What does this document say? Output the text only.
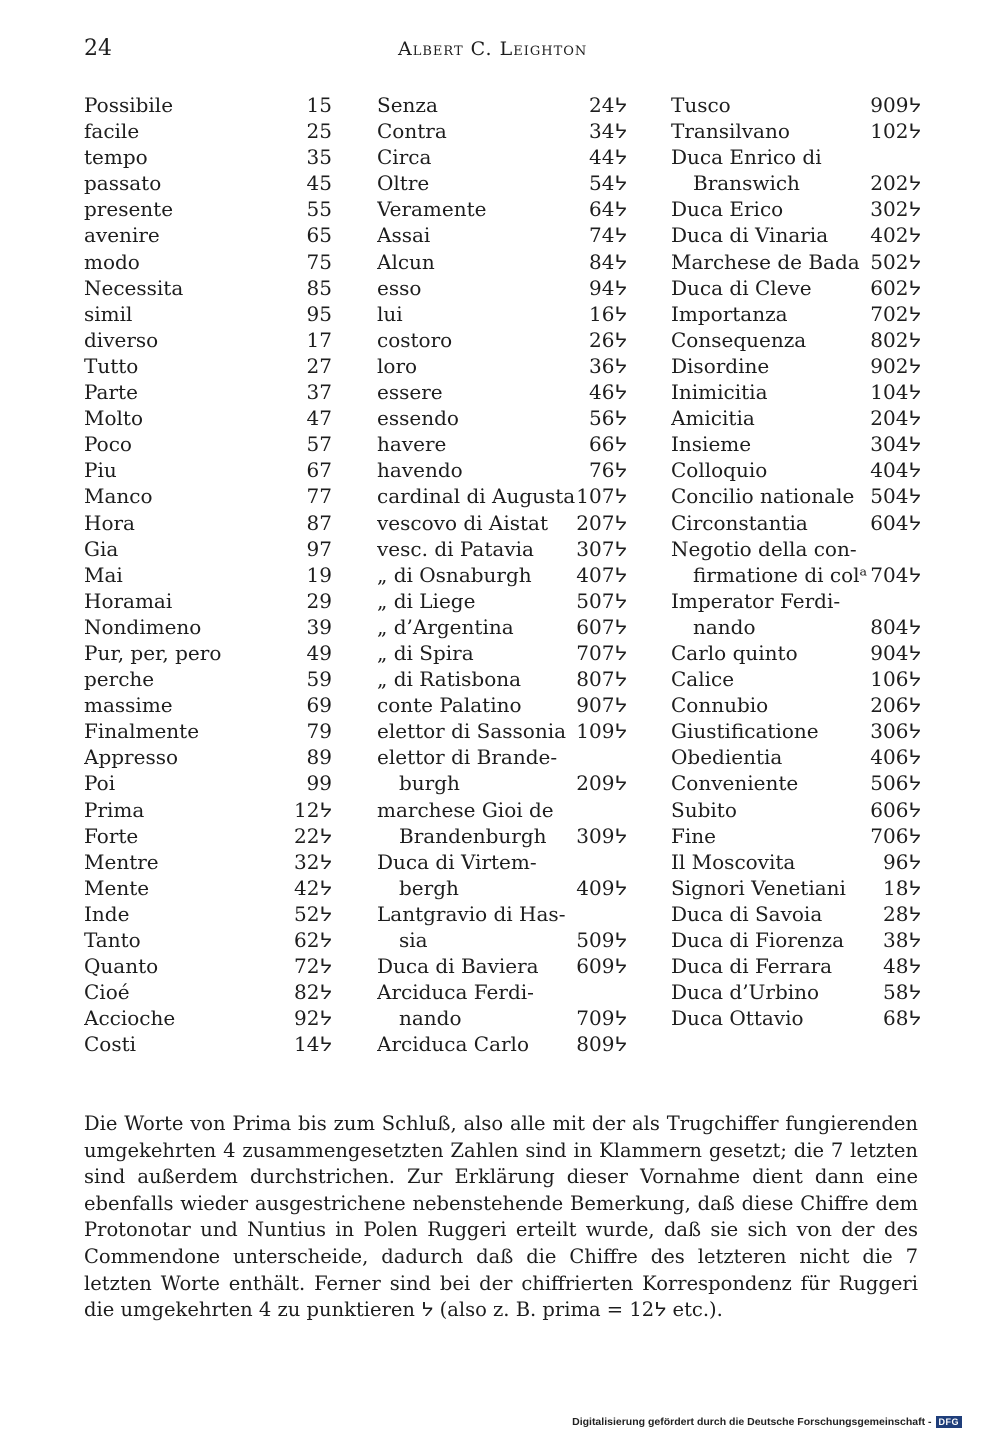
24	Albert C. Leighton
Possibile	15
facile	25
tempo	35
passato	45
presente	55
avenire	65
modo	75
Necessita	85
simil	95
diverso	17
Tutto	27
Parte	37
Molto	47
Poco	57
Piu	67
Manco	77
Hora	87
Gia	97
Mai	19
Horamai	29
Nondimeno	39
Pur, per, pero	49
perche	59
massime	69
Finalmente	79
Appresso	89
Poi	99
Prima	12ᔭ
Forte	22ᔭ
Mentre	32ᔭ
Mente	42ᔭ
Inde	52ᔭ
Tanto	62ᔭ
Quanto	72ᔭ
Cioé	82ᔭ
Accioche	92ᔭ
Costi	14ᔭ
Senza	24ᔭ
Contra	34ᔭ
Circa	44ᔭ
Oltre	54ᔭ
Veramente	64ᔭ
Assai	74ᔭ
Alcun	84ᔭ
esso	94ᔭ
lui	16ᔭ
costoro	26ᔭ
loro	36ᔭ
essere	46ᔭ
essendo	56ᔭ
havere	66ᔭ
havendo	76ᔭ
cardinal di Augusta 107ᔭ
vescovo di Aistat 207ᔭ
vesc. di Patavia 307ᔭ
„ di Osnaburgh 407ᔭ
„ di Liege	507ᔭ
„ d’Argentina	607ᔭ
„ di Spira	707ᔭ
„ di Ratisbona	807ᔭ
conte Palatino	907ᔭ
elettor di Sassonia 109ᔭ
elettor di Brande-
burgh	209ᔭ
marchese Gioi de
Brandenburgh 309ᔭ
Duca di Virtem-
bergh	409ᔭ
Lantgravio di Has-
sia	509ᔭ
Duca di Baviera 609ᔭ
Arciduca Ferdi-
nando	709ᔭ
Arciduca Carlo 809ᔭ
Tusco	909ᔭ
Transilvano	102ᔭ
Duca Enrico di
Branswich	202ᔭ
Duca Erico	302ᔭ
Duca di Vinaria 402ᔭ
Marchese de Bada 502ᔭ
Duca di Cleve	602ᔭ
Importanza	702ᔭ
Consequenza	802ᔭ
Disordine	902ᔭ
Inimicitia	104ᔭ
Amicitia	204ᔭ
Insieme	304ᔭ
Colloquio	404ᔭ
Concilio nationale 504ᔭ
Circonstantia	604ᔭ
Negotio della con-
firmatione di colᵃ 704ᔭ
Imperator Ferdi-
nando	804ᔭ
Carlo quinto	904ᔭ
Calice	106ᔭ
Connubio	206ᔭ
Giustificatione	306ᔭ
Obedientia	406ᔭ
Conveniente	506ᔭ
Subito	606ᔭ
Fine	706ᔭ
Il Moscovita	96ᔭ
Signori Venetiani 18ᔭ
Duca di Savoia	28ᔭ
Duca di Fiorenza 38ᔭ
Duca di Ferrara	48ᔭ
Duca d’Urbino	58ᔭ
Duca Ottavio	68ᔭ

Die Worte von Prima bis zum Schluß, also alle mit der als Trugchiffer fungierenden umgekehrten 4 zusammengesetzten Zahlen sind in Klammern gesetzt; die 7 letzten sind außerdem durchstrichen. Zur Erklärung dieser Vornahme dient dann eine ebenfalls wieder ausgestrichene nebenstehende Bemerkung, daß diese Chiffre dem Protonotar und Nuntius in Polen Ruggeri erteilt wurde, daß sie sich von der des Commendone unterscheide, dadurch daß die Chiffre des letzteren nicht die 7 letzten Worte enthält. Ferner sind bei der chiffrierten Korrespondenz für Ruggeri die umgekehrten 4 zu punktieren ᔭ (also z. B. prima = 12ᔭ etc.).

Digitalisierung gefördert durch die Deutsche Forschungsgemeinschaft - DFG
